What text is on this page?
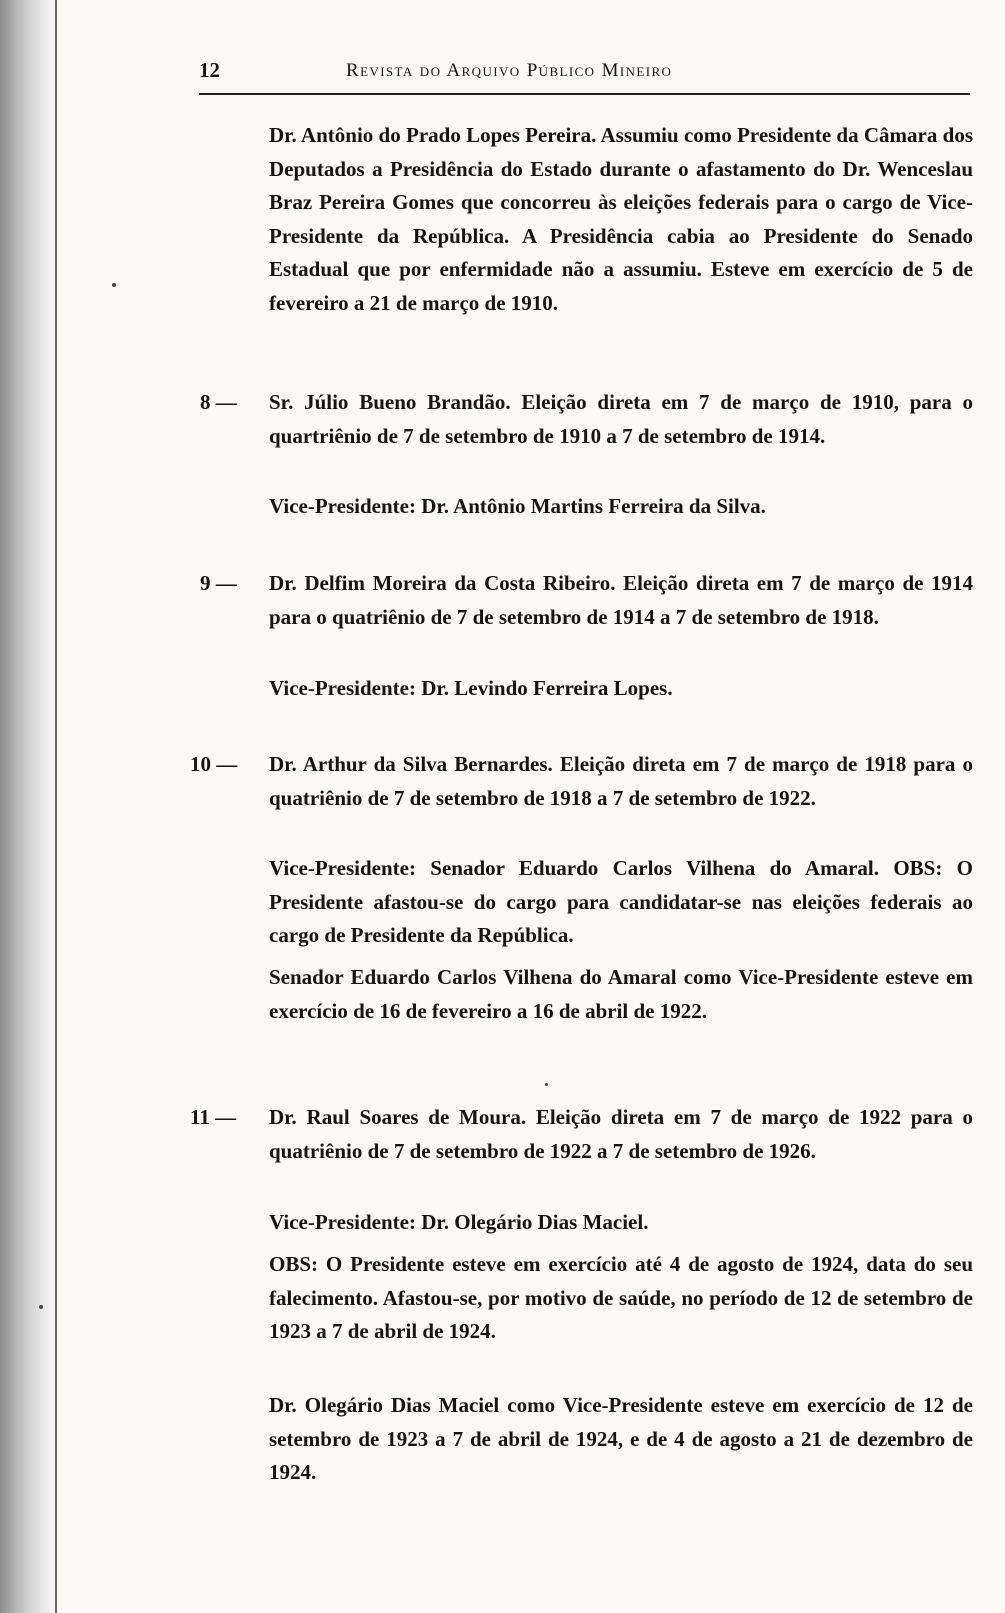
12	Revista do Arquivo Público Mineiro
Dr. Antônio do Prado Lopes Pereira. Assumiu como Presidente da Câmara dos Deputados a Presidência do Estado durante o afastamento do Dr. Wenceslau Braz Pereira Gomes que concorreu às eleições federais para o cargo de Vice-Presidente da República. A Presidência cabia ao Presidente do Senado Estadual que por enfermidade não a assumiu. Esteve em exercício de 5 de fevereiro a 21 de março de 1910.
8 —	Sr. Júlio Bueno Brandão. Eleição direta em 7 de março de 1910, para o quartriênio de 7 de setembro de 1910 a 7 de setembro de 1914.
Vice-Presidente: Dr. Antônio Martins Ferreira da Silva.
9 —	Dr. Delfim Moreira da Costa Ribeiro. Eleição direta em 7 de março de 1914 para o quatriênio de 7 de setembro de 1914 a 7 de setembro de 1918.
Vice-Presidente: Dr. Levindo Ferreira Lopes.
10 —	Dr. Arthur da Silva Bernardes. Eleição direta em 7 de março de 1918 para o quatriênio de 7 de setembro de 1918 a 7 de setembro de 1922.
Vice-Presidente: Senador Eduardo Carlos Vilhena do Amaral. OBS: O Presidente afastou-se do cargo para candidatar-se nas eleições federais ao cargo de Presidente da República.
Senador Eduardo Carlos Vilhena do Amaral como Vice-Presidente esteve em exercício de 16 de fevereiro a 16 de abril de 1922.
11 —	Dr. Raul Soares de Moura. Eleição direta em 7 de março de 1922 para o quatriênio de 7 de setembro de 1922 a 7 de setembro de 1926.
Vice-Presidente: Dr. Olegário Dias Maciel.
OBS: O Presidente esteve em exercício até 4 de agosto de 1924, data do seu falecimento. Afastou-se, por motivo de saúde, no período de 12 de setembro de 1923 a 7 de abril de 1924.
Dr. Olegário Dias Maciel como Vice-Presidente esteve em exercício de 12 de setembro de 1923 a 7 de abril de 1924, e de 4 de agosto a 21 de dezembro de 1924.
